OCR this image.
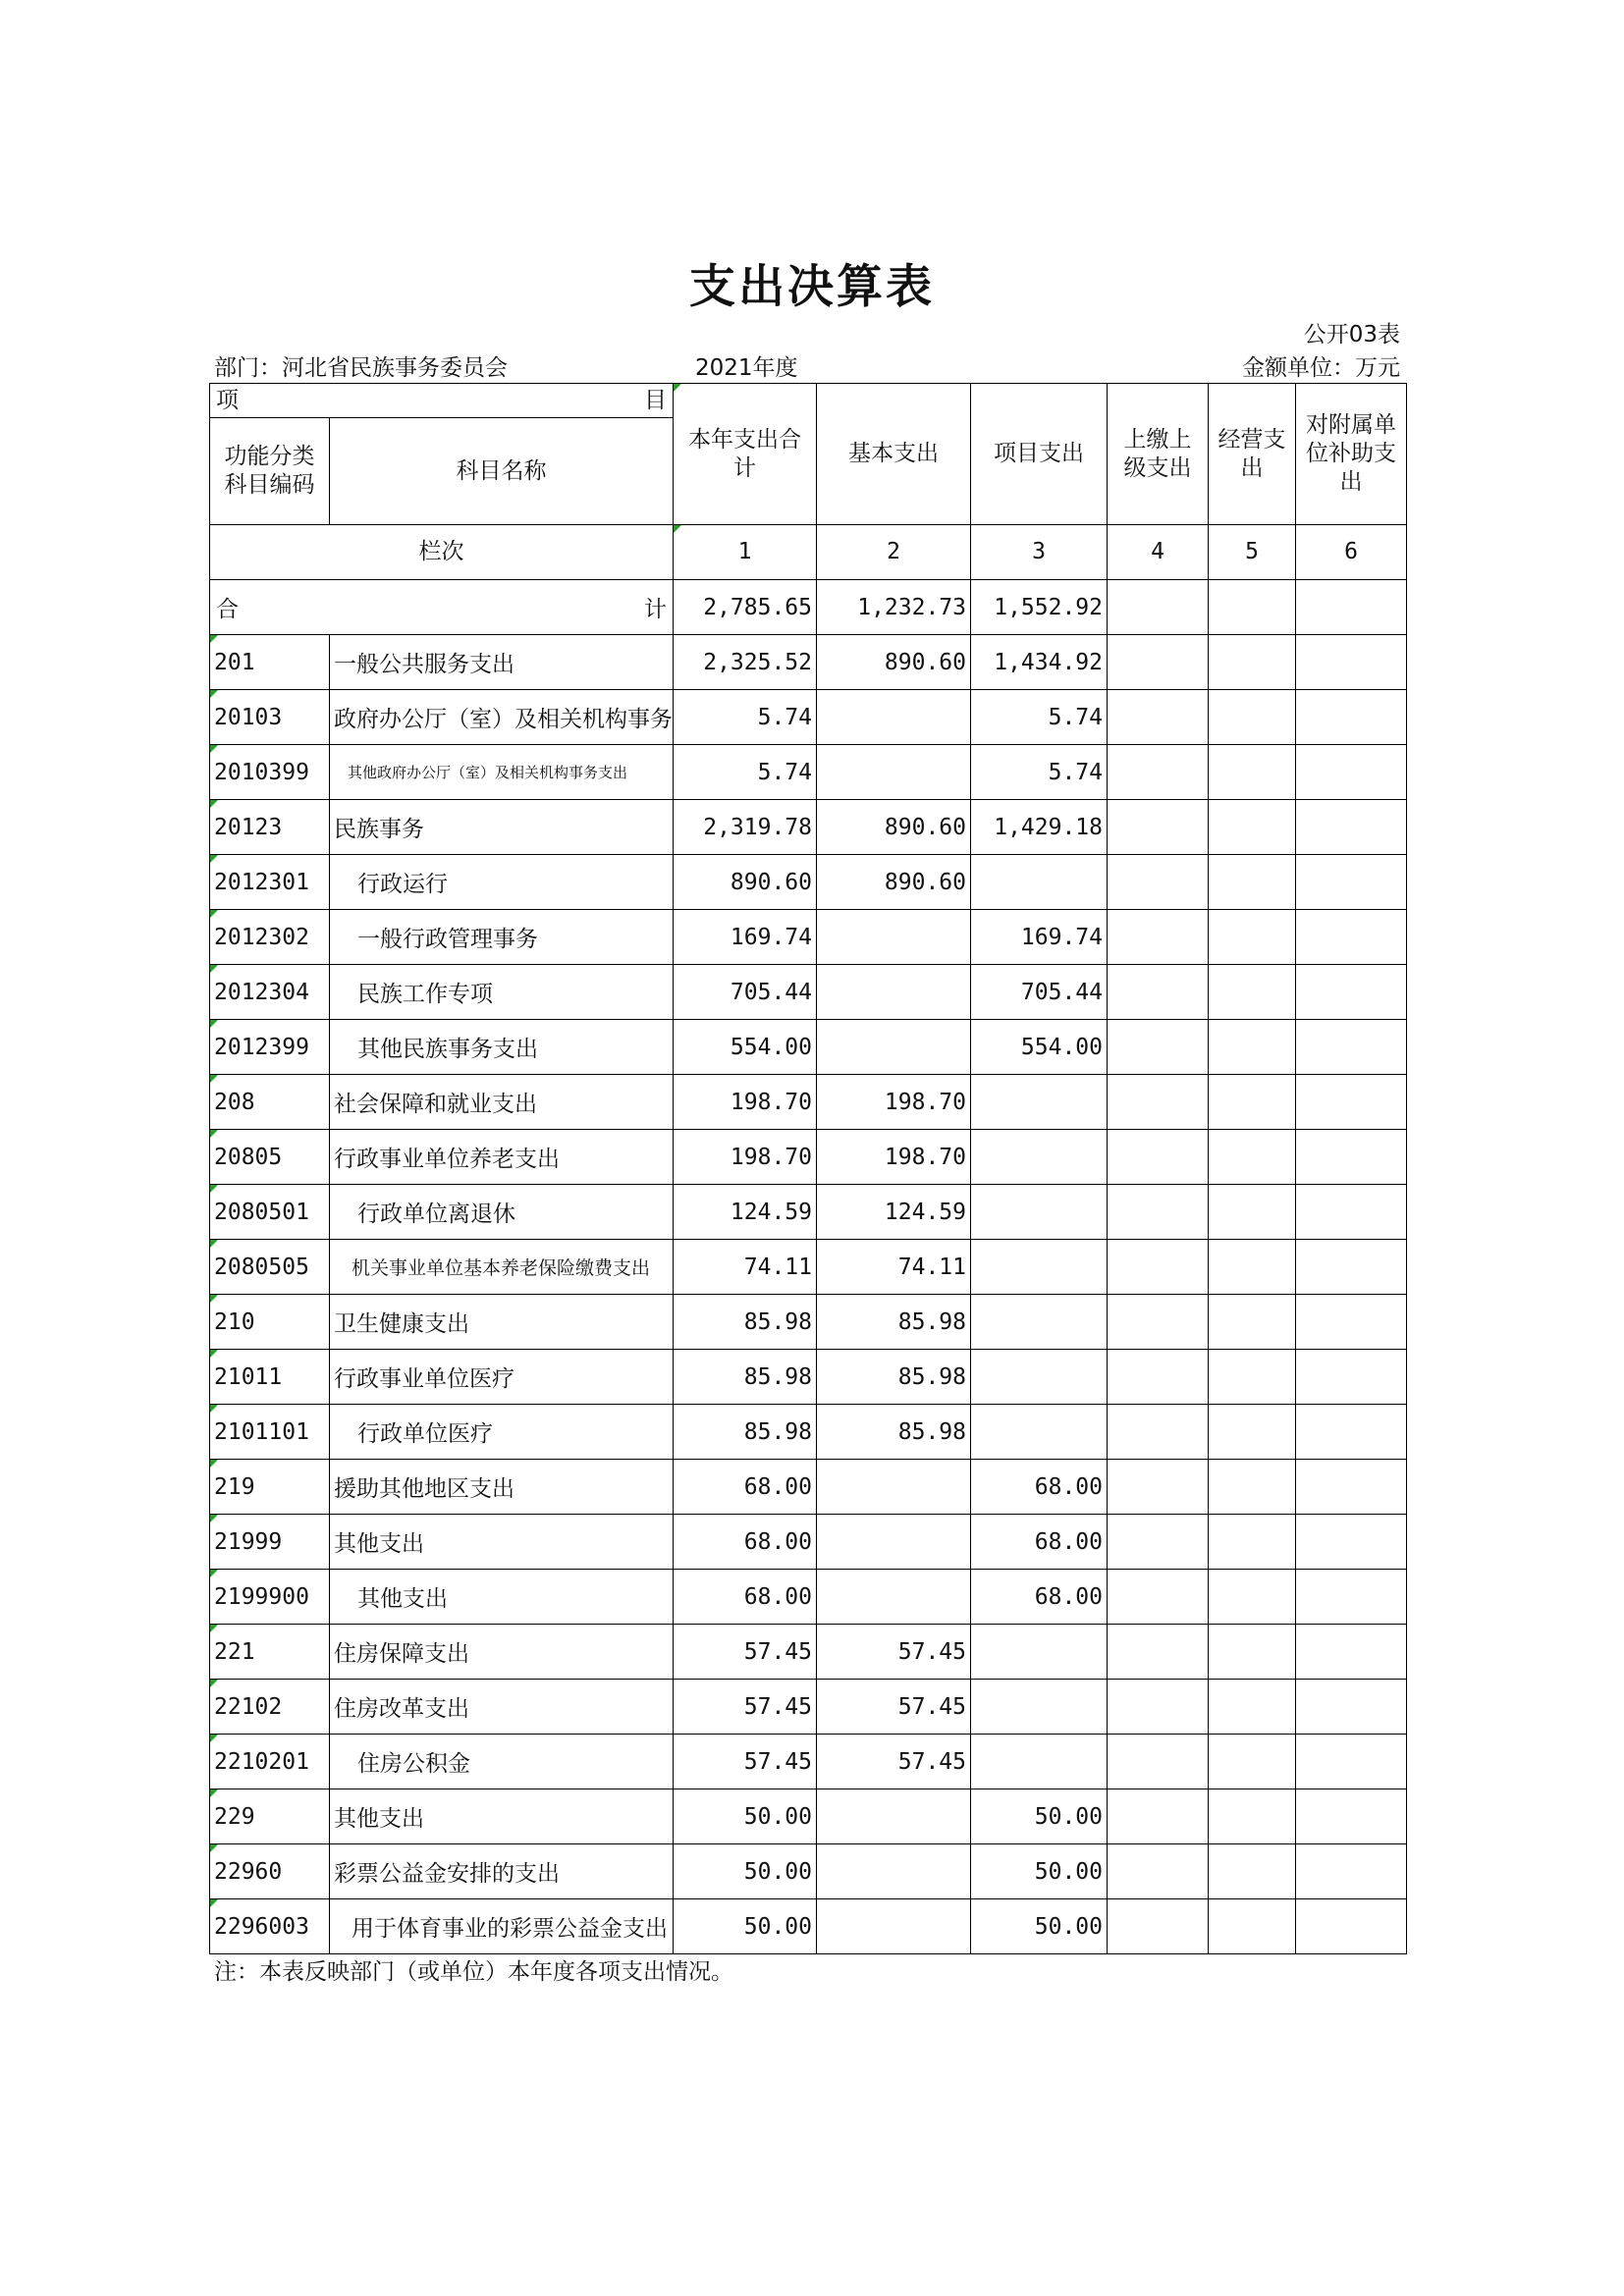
支出决算表
公开03表
部门：河北省民族事务委员会	2021年度	金额单位：万元
项 目		本年支出合计	基本支出	项目支出	上缴上级支出	经营支出	对附属单位补助支出
功能分类科目编码	科目名称						
栏次		1	2	3	4	5	6

合 计		2,785.65	1,232.73	1,552.92			
201	一般公共服务支出	2,325.52	890.60	1,434.92			
20103	政府办公厅（室）及相关机构事务	5.74		5.74			
2010399	其他政府办公厅（室）及相关机构事务支出	5.74		5.74			
20123	民族事务	2,319.78	890.60	1,429.18			
2012301	行政运行	890.60	890.60				
2012302	一般行政管理事务	169.74		169.74			
2012304	民族工作专项	705.44		705.44			
2012399	其他民族事务支出	554.00		554.00			
208	社会保障和就业支出	198.70	198.70				
20805	行政事业单位养老支出	198.70	198.70				
2080501	行政单位离退休	124.59	124.59				
2080505	机关事业单位基本养老保险缴费支出	74.11	74.11				
210	卫生健康支出	85.98	85.98				
21011	行政事业单位医疗	85.98	85.98				
2101101	行政单位医疗	85.98	85.98				
219	援助其他地区支出	68.00		68.00			
21999	其他支出	68.00		68.00			
2199900	其他支出	68.00		68.00			
221	住房保障支出	57.45	57.45				
22102	住房改革支出	57.45	57.45				
2210201	住房公积金	57.45	57.45				
229	其他支出	50.00		50.00			
22960	彩票公益金安排的支出	50.00		50.00			
2296003	用于体育事业的彩票公益金支出	50.00		50.00			
注：本表反映部门（或单位）本年度各项支出情况。
